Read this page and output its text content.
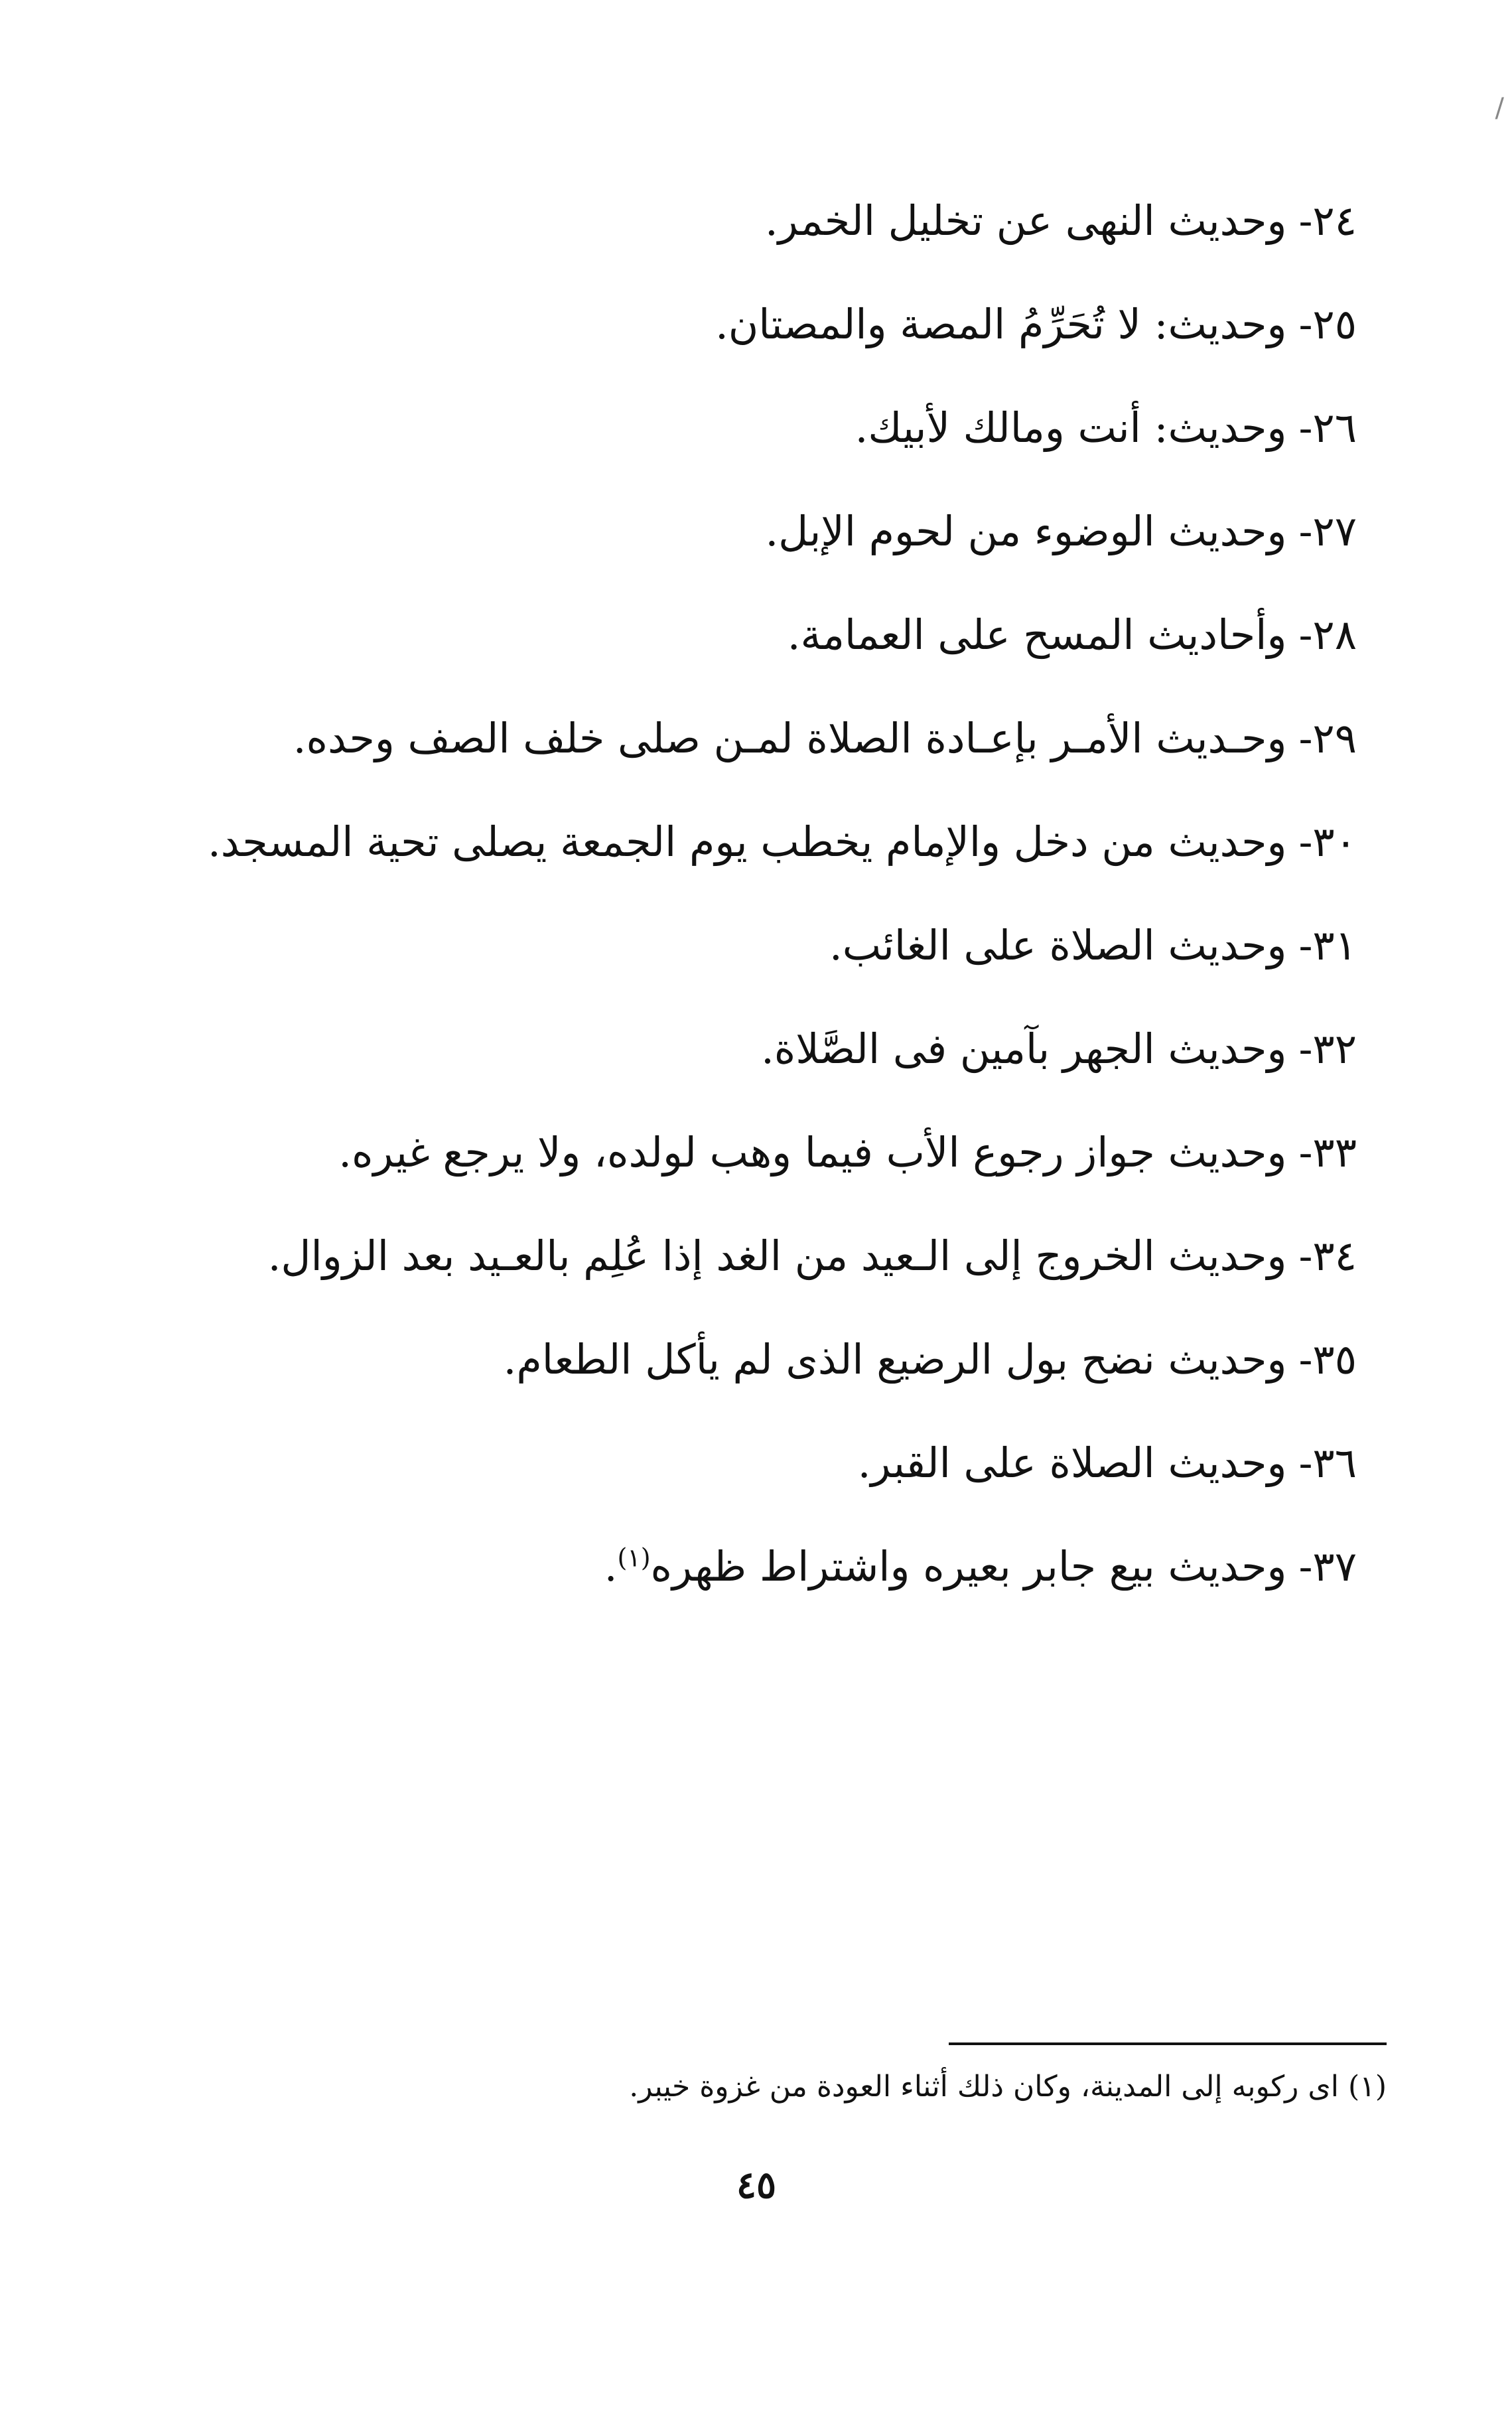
/

٢٤-وحديث النهى عن تخليل الخمر.

٢٥-وحديث: لا تُحَرِّمُ المصة والمصتان.

٢٦-وحديث: أنت ومالك لأبيك.

٢٧-وحديث الوضوء من لحوم الإبل.

٢٨-وأحاديث المسح على العمامة.

٢٩-وحـديث الأمـر بإعـادة الصلاة لمـن صلى خلف الصف وحده.

٣٠-وحديث من دخل والإمام يخطب يوم الجمعة يصلى تحية المسجد.

٣١-وحديث الصلاة على الغائب.

٣٢-وحديث الجهر بآمين فى الصَّلاة.

٣٣-وحديث جواز رجوع الأب فيما وهب لولده، ولا يرجع غيره.

٣٤-وحديث الخروج إلى الـعيد من الغد إذا عُلِم بالعـيد بعد الزوال.

٣٥-وحديث نضح بول الرضيع الذى لم يأكل الطعام.

٣٦-وحديث الصلاة على القبر.

٣٧-وحديث بيع جابر بعيره واشتراط ظهره$^{(١)}$.

(١) اى ركوبه إلى المدينة، وكان ذلك أثناء العودة من غزوة خيبر.
٤٥
